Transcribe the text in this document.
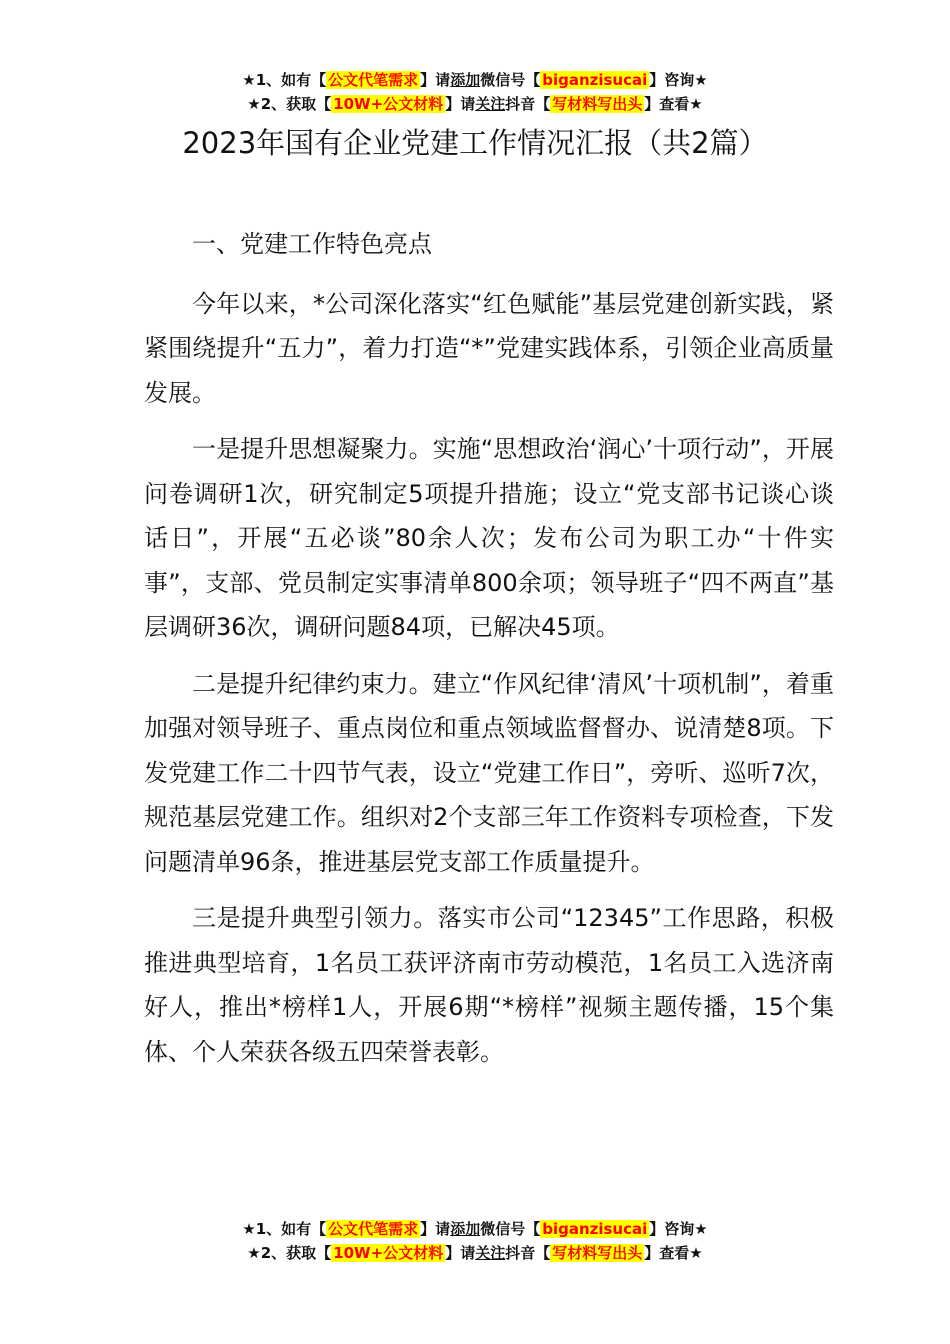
★1、如有【 公文代笔需求 】请添加微信号【 biganzisucai 】咨询★
★2、获取【 10W+公文材料 】请关注抖音【 写材料写出头 】查看★
2023年国有企业党建工作情况汇报（共2篇）

一、党建工作特色亮点

今年以来，*公司深化落实“红色赋能”基层党建创新实践，紧紧围绕提升“五力”，着力打造“*”党建实践体系，引领企业高质量发展。

一是提升思想凝聚力。实施“思想政治‘润心’十项行动”，开展问卷调研1次，研究制定5项提升措施；设立“党支部书记谈心谈话日”，开展“五必谈”80余人次；发布公司为职工办“十件实事”，支部、党员制定实事清单800余项；领导班子“四不两直”基层调研36次，调研问题84项，已解决45项。

二是提升纪律约束力。建立“作风纪律‘清风’十项机制”，着重加强对领导班子、重点岗位和重点领域监督督办、说清楚8项。下发党建工作二十四节气表，设立“党建工作日”，旁听、巡听7次，规范基层党建工作。组织对2个支部三年工作资料专项检查，下发问题清单96条，推进基层党支部工作质量提升。

三是提升典型引领力。落实市公司“12345”工作思路，积极推进典型培育，1名员工获评济南市劳动模范，1名员工入选济南好人，推出*榜样1人，开展6期“*榜样”视频主题传播，15个集体、个人荣获各级五四荣誉表彰。

★1、如有【 公文代笔需求 】请添加微信号【 biganzisucai 】咨询★
★2、获取【 10W+公文材料 】请关注抖音【 写材料写出头 】查看★
